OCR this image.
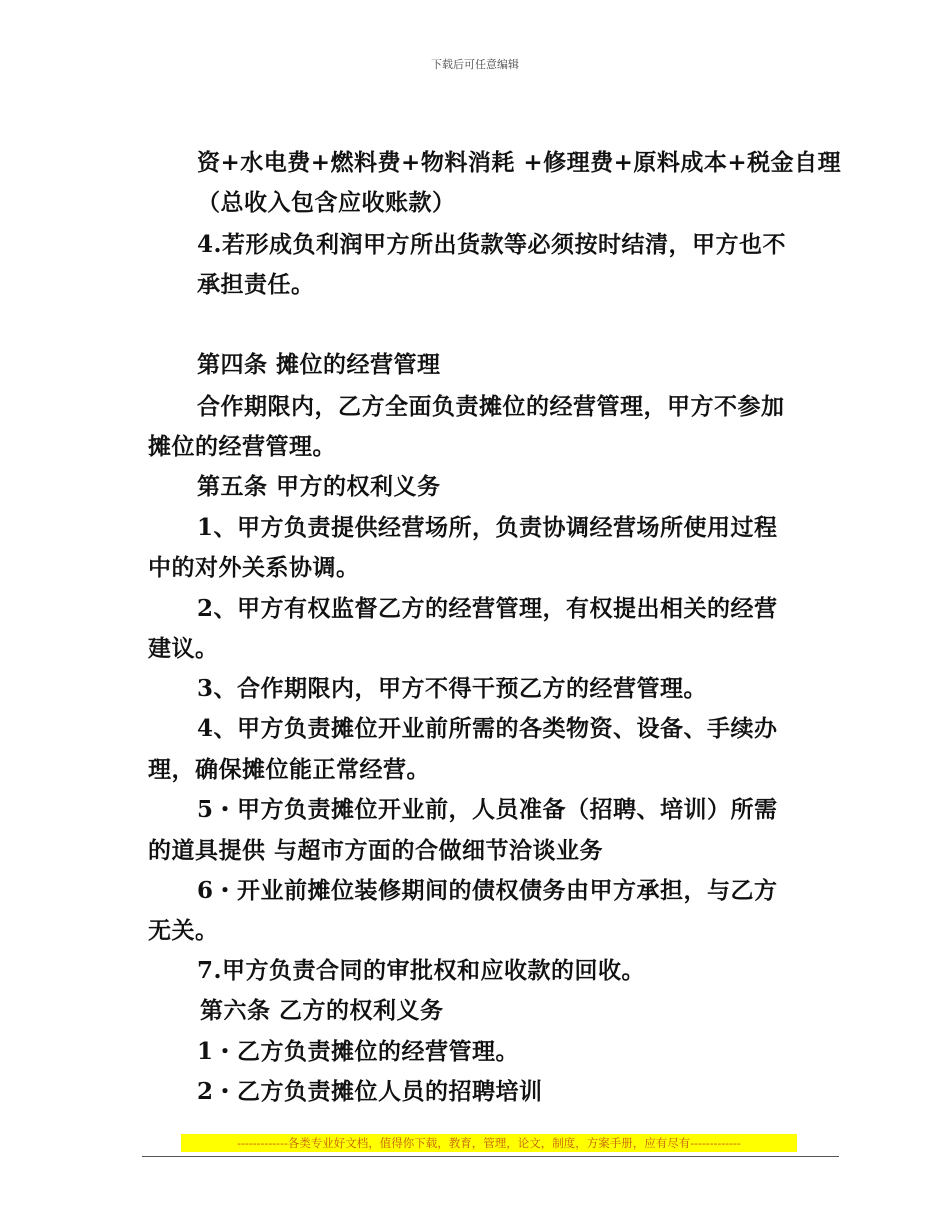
下载后可任意编辑
资+水电费+燃料费+物料消耗 +修理费+原料成本+税金自理
（总收入包含应收账款）
4.若形成负利润甲方所出货款等必须按时结清，甲方也不
承担责任。
第四条 摊位的经营管理
合作期限内，乙方全面负责摊位的经营管理，甲方不参加
摊位的经营管理。
第五条 甲方的权利义务
1、甲方负责提供经营场所，负责协调经营场所使用过程
中的对外关系协调。
2、甲方有权监督乙方的经营管理，有权提出相关的经营
建议。
3、合作期限内，甲方不得干预乙方的经营管理。
4、甲方负责摊位开业前所需的各类物资、设备、手续办
理，确保摊位能正常经营。
5・甲方负责摊位开业前，人员准备（招聘、培训）所需
的道具提供 与超市方面的合做细节洽谈业务
6・开业前摊位装修期间的债权债务由甲方承担，与乙方
无关。
7.甲方负责合同的审批权和应收款的回收。
第六条 乙方的权利义务
1・乙方负责摊位的经营管理。
2・乙方负责摊位人员的招聘培训
-------------各类专业好文档，值得你下载，教育，管理，论文，制度，方案手册，应有尽有-------------
